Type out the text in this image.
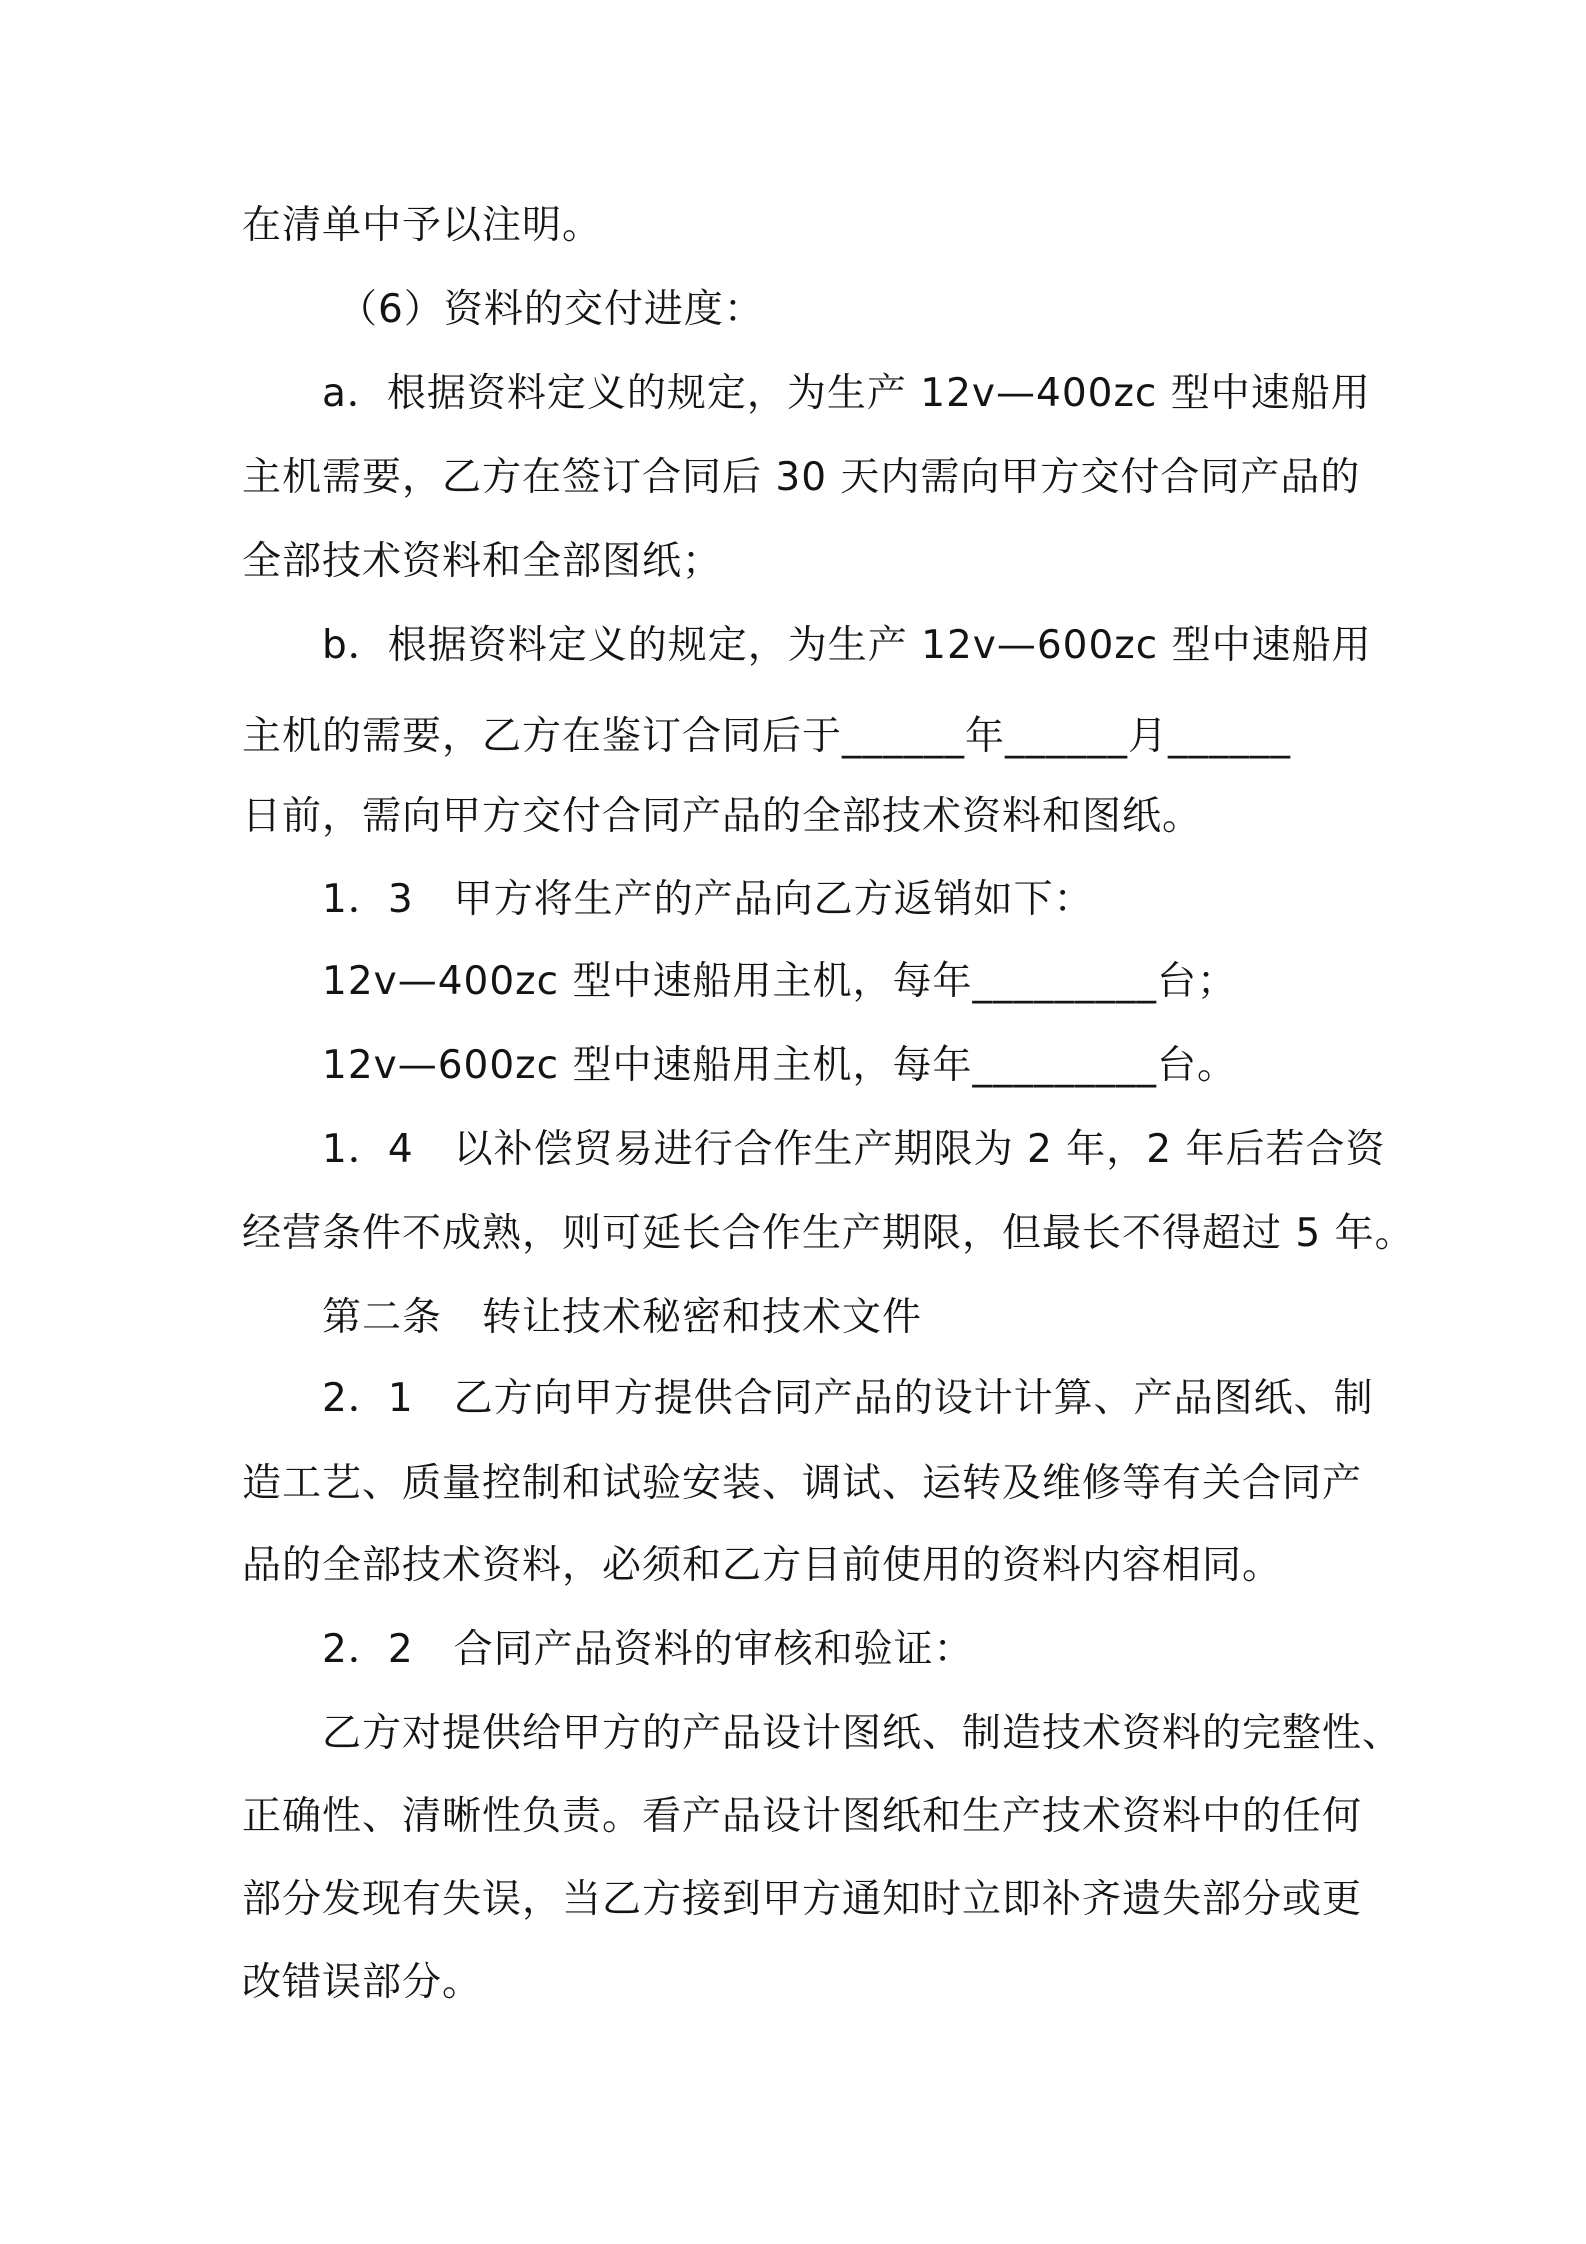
在清单中予以注明。
（6）资料的交付进度：
a．根据资料定义的规定，为生产 12v—400zc 型中速船用
主机需要，乙方在签订合同后 30 天内需向甲方交付合同产品的
全部技术资料和全部图纸；
b．根据资料定义的规定，为生产 12v—600zc 型中速船用
主机的需要，乙方在鉴订合同后于______年______月______
日前，需向甲方交付合同产品的全部技术资料和图纸。
1．3　甲方将生产的产品向乙方返销如下：
12v—400zc 型中速船用主机，每年_________台；
12v—600zc 型中速船用主机，每年_________台。
1．4　以补偿贸易进行合作生产期限为 2 年，2 年后若合资
经营条件不成熟，则可延长合作生产期限，但最长不得超过 5 年。
第二条　转让技术秘密和技术文件
2．1　乙方向甲方提供合同产品的设计计算、产品图纸、制
造工艺、质量控制和试验安装、调试、运转及维修等有关合同产
品的全部技术资料，必须和乙方目前使用的资料内容相同。
2．2　合同产品资料的审核和验证：
乙方对提供给甲方的产品设计图纸、制造技术资料的完整性、
正确性、清晰性负责。看产品设计图纸和生产技术资料中的任何
部分发现有失误，当乙方接到甲方通知时立即补齐遗失部分或更
改错误部分。
